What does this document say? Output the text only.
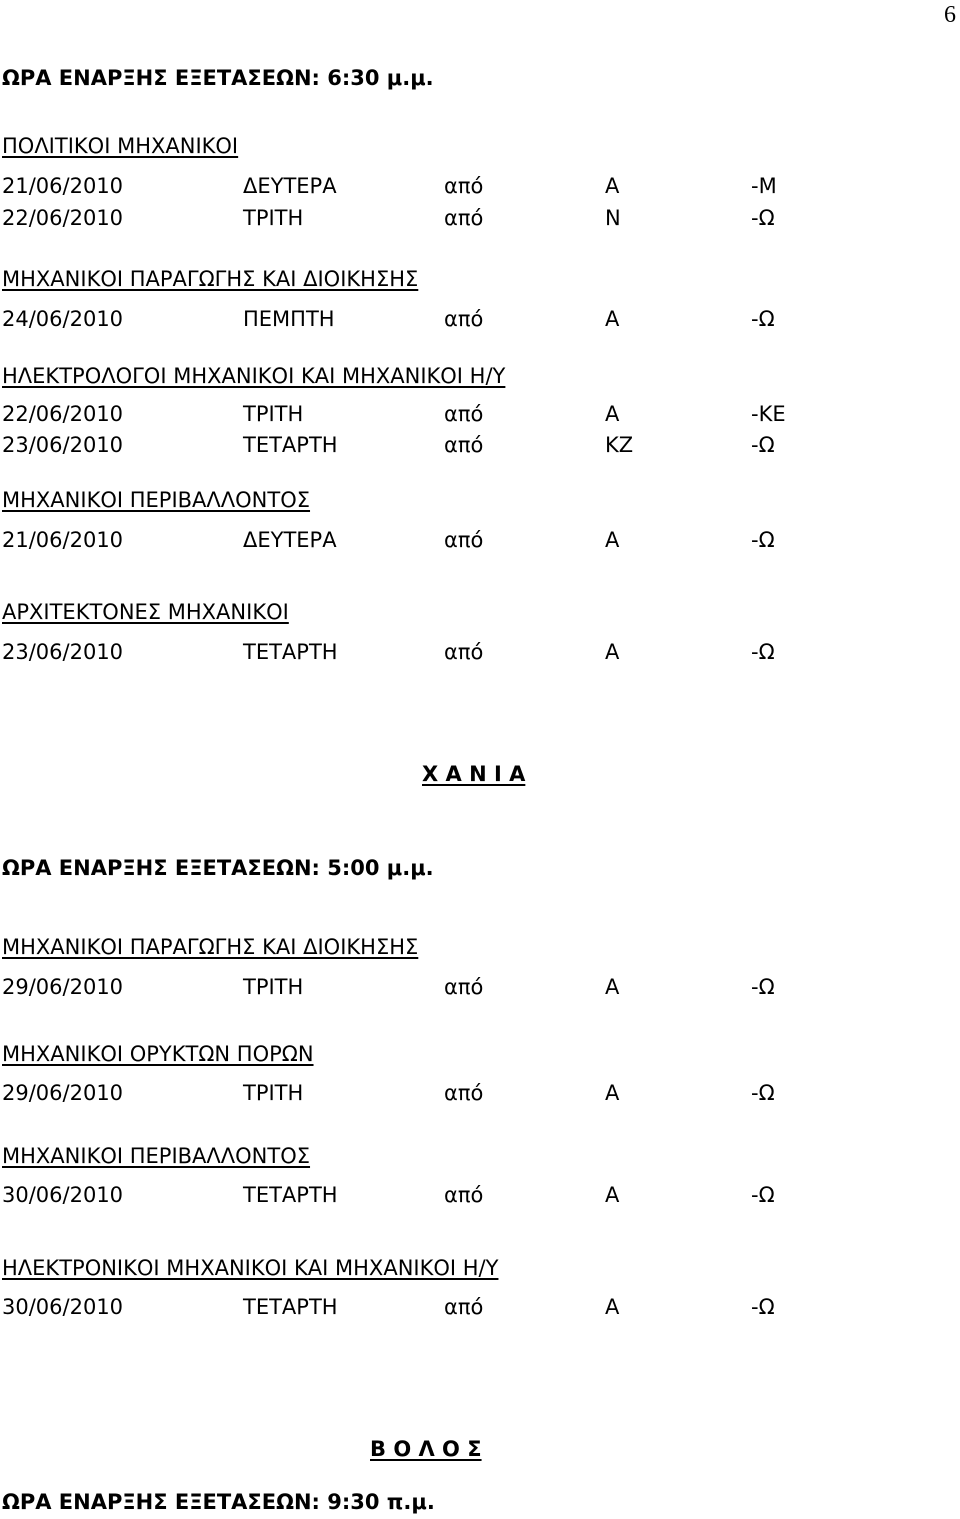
6
ΩΡΑ ΕΝΑΡΞΗΣ ΕΞΕΤΑΣΕΩΝ: 6:30 μ.μ.
ΠΟΛΙΤΙΚΟΙ ΜΗΧΑΝΙΚΟΙ
21/06/2010	ΔΕΥΤΕΡΑ	από	Α	-Μ
22/06/2010	ΤΡΙΤΗ	από	Ν	-Ω
ΜΗΧΑΝΙΚΟΙ ΠΑΡΑΓΩΓΗΣ ΚΑΙ ΔΙΟΙΚΗΣΗΣ
24/06/2010	ΠΕΜΠΤΗ	από	Α	-Ω
ΗΛΕΚΤΡΟΛΟΓΟΙ ΜΗΧΑΝΙΚΟΙ ΚΑΙ ΜΗΧΑΝΙΚΟΙ Η/Υ
22/06/2010	ΤΡΙΤΗ	από	Α	-ΚΕ
23/06/2010	ΤΕΤΑΡΤΗ	από	ΚΖ	-Ω
ΜΗΧΑΝΙΚΟΙ ΠΕΡΙΒΑΛΛΟΝΤΟΣ
21/06/2010	ΔΕΥΤΕΡΑ	από	Α	-Ω
ΑΡΧΙΤΕΚΤΟΝΕΣ ΜΗΧΑΝΙΚΟΙ
23/06/2010	ΤΕΤΑΡΤΗ	από	Α	-Ω
Χ Α Ν Ι Α
ΩΡΑ ΕΝΑΡΞΗΣ ΕΞΕΤΑΣΕΩΝ: 5:00 μ.μ.
ΜΗΧΑΝΙΚΟΙ ΠΑΡΑΓΩΓΗΣ ΚΑΙ ΔΙΟΙΚΗΣΗΣ
29/06/2010	ΤΡΙΤΗ	από	Α	-Ω
ΜΗΧΑΝΙΚΟΙ ΟΡΥΚΤΩΝ ΠΟΡΩΝ
29/06/2010	ΤΡΙΤΗ	από	Α	-Ω
ΜΗΧΑΝΙΚΟΙ ΠΕΡΙΒΑΛΛΟΝΤΟΣ
30/06/2010	ΤΕΤΑΡΤΗ	από	Α	-Ω
ΗΛΕΚΤΡΟΝΙΚΟΙ ΜΗΧΑΝΙΚΟΙ ΚΑΙ ΜΗΧΑΝΙΚΟΙ Η/Υ
30/06/2010	ΤΕΤΑΡΤΗ	από	Α	-Ω
Β Ο Λ Ο Σ
ΩΡΑ ΕΝΑΡΞΗΣ ΕΞΕΤΑΣΕΩΝ: 9:30 π.μ.
